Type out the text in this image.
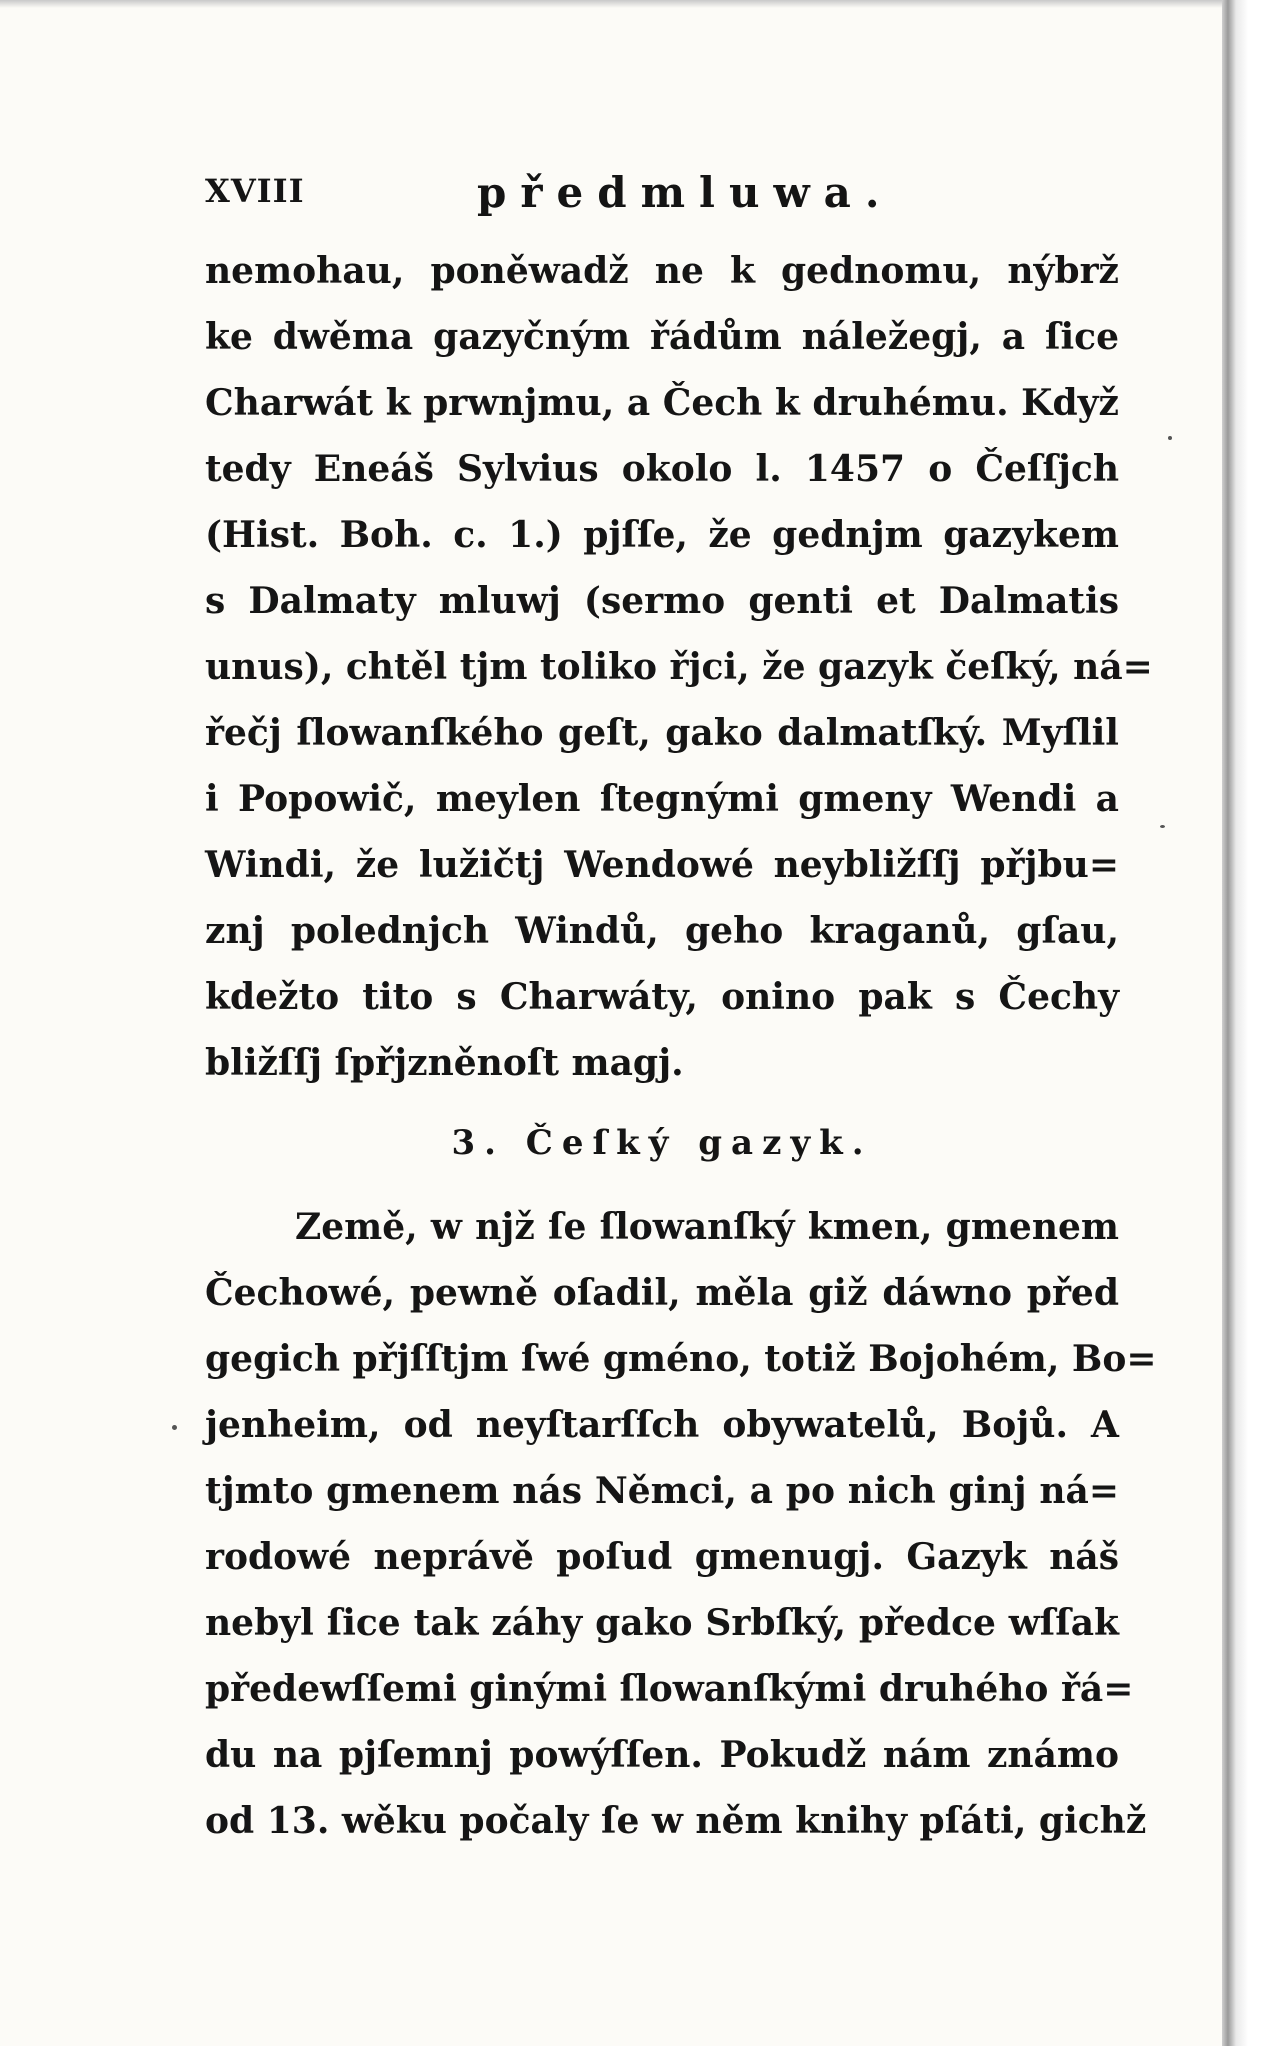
XVIII	předmluwa.
nemohau, poněwadž ne k gednomu, nýbrž
ke dwěma gazyčným řádům náležegj, a ſice
Charwát k prwnjmu, a Čech k druhému. Když
tedy Eneáš Sylvius okolo l. 1457 o Čeſſjch
(Hist. Boh. c. 1.) pjſſe, že gednjm gazykem
s Dalmaty mluwj (sermo genti et Dalmatis
unus), chtěl tjm toliko řjci, že gazyk čeſký, ná=
řečj ſlowanſkého geſt, gako dalmatſký. Myſlil
i Popowič, meylen ſtegnými gmeny Wendi a
Windi, že lužičtj Wendowé neybližſſj přjbu=
znj polednjch Windů, geho kraganů, gſau,
kdežto tito s Charwáty, onino pak s Čechy
bližſſj ſpřjzněnoſt magj.
3. Čeſký gazyk.
Země, w njž ſe ſlowanſký kmen, gmenem
Čechowé, pewně oſadil, měla giž dáwno před
gegich přjſſtjm ſwé gméno, totiž Bojohém, Bo=
jenheim, od neyſtarſſch obywatelů, Bojů. A
tjmto gmenem nás Němci, a po nich ginj ná=
rodowé neprávě poſud gmenugj. Gazyk náš
nebyl ſice tak záhy gako Srbſký, předce wſſak
předewſſemi ginými ſlowanſkými druhého řá=
du na pjſemnj powýſſen. Pokudž nám známo
od 13. wěku počaly ſe w něm knihy pſáti, gichž
